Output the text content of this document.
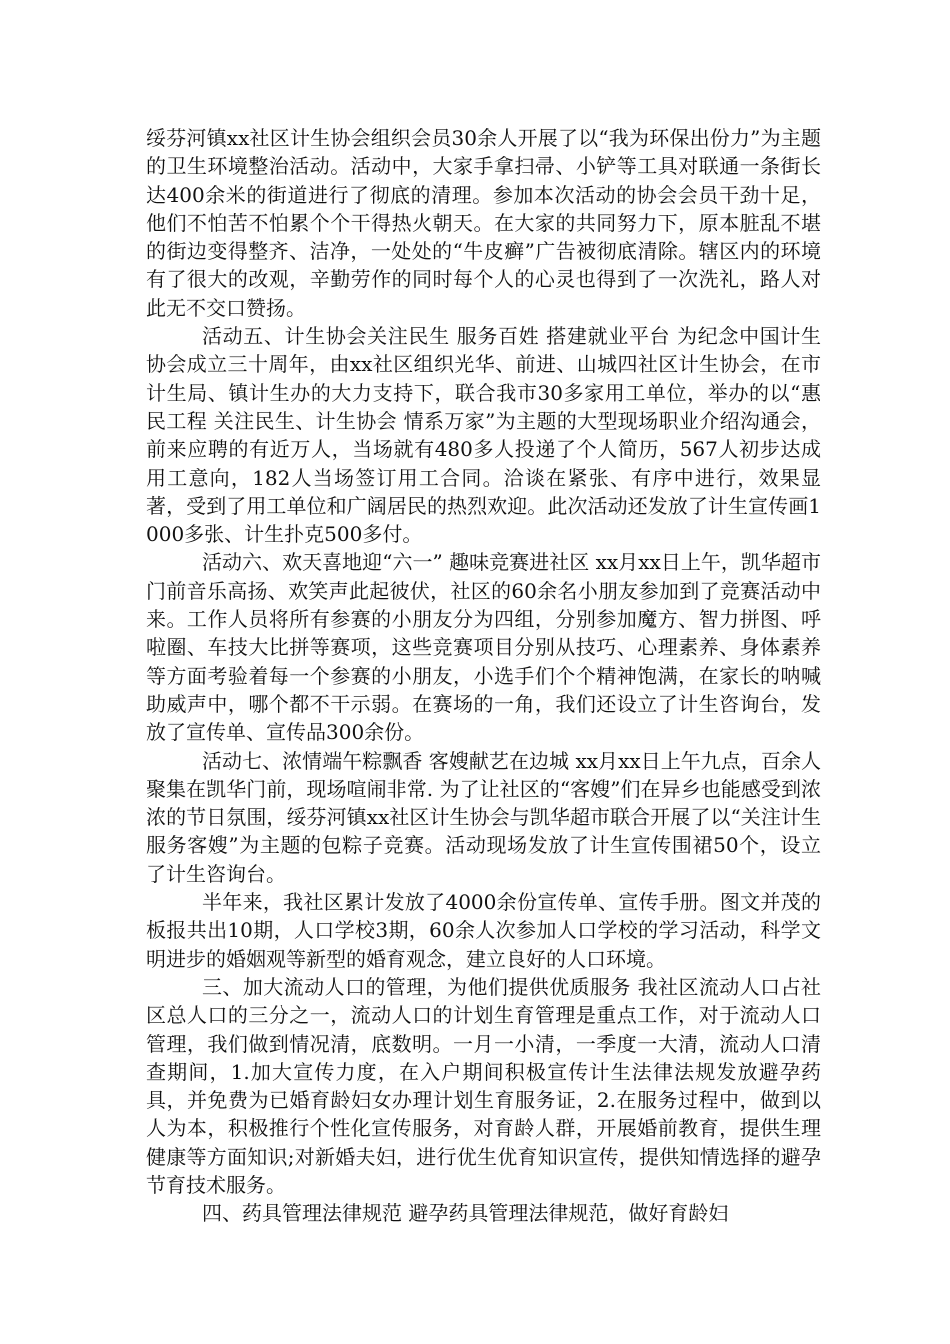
绥芬河镇xx社区计生协会组织会员30余人开展了以“我为环保出份力”为主题的卫生环境整治活动。活动中，大家手拿扫帚、小铲等工具对联通一条街长达400余米的街道进行了彻底的清理。参加本次活动的协会会员干劲十足，他们不怕苦不怕累个个干得热火朝天。在大家的共同努力下，原本脏乱不堪的街边变得整齐、洁净，一处处的“牛皮癣”广告被彻底清除。辖区内的环境有了很大的改观，辛勤劳作的同时每个人的心灵也得到了一次洗礼，路人对此无不交口赞扬。

活动五、计生协会关注民生 服务百姓 搭建就业平台 为纪念中国计生协会成立三十周年，由xx社区组织光华、前进、山城四社区计生协会，在市计生局、镇计生办的大力支持下，联合我市30多家用工单位，举办的以“惠民工程 关注民生、计生协会 情系万家”为主题的大型现场职业介绍沟通会，前来应聘的有近万人，当场就有480多人投递了个人简历，567人初步达成用工意向，182人当场签订用工合同。洽谈在紧张、有序中进行，效果显著，受到了用工单位和广阔居民的热烈欢迎。此次活动还发放了计生宣传画1000多张、计生扑克500多付。

活动六、欢天喜地迎“六一” 趣味竞赛进社区 xx月xx日上午，凯华超市门前音乐高扬、欢笑声此起彼伏，社区的60余名小朋友参加到了竞赛活动中来。工作人员将所有参赛的小朋友分为四组，分别参加魔方、智力拼图、呼啦圈、车技大比拼等赛项，这些竞赛项目分别从技巧、心理素养、身体素养等方面考验着每一个参赛的小朋友，小选手们个个精神饱满，在家长的呐喊助威声中，哪个都不干示弱。在赛场的一角，我们还设立了计生咨询台，发放了宣传单、宣传品300余份。

活动七、浓情端午粽飘香 客嫂献艺在边城 xx月xx日上午九点，百余人聚集在凯华门前，现场喧闹非常. 为了让社区的“客嫂”们在异乡也能感受到浓浓的节日氛围，绥芬河镇xx社区计生协会与凯华超市联合开展了以“关注计生 服务客嫂”为主题的包粽子竞赛。活动现场发放了计生宣传围裙50个，设立了计生咨询台。

半年来，我社区累计发放了4000余份宣传单、宣传手册。图文并茂的板报共出10期，人口学校3期，60余人次参加人口学校的学习活动，科学文明进步的婚姻观等新型的婚育观念，建立良好的人口环境。

三、加大流动人口的管理，为他们提供优质服务 我社区流动人口占社区总人口的三分之一，流动人口的计划生育管理是重点工作，对于流动人口管理，我们做到情况清，底数明。一月一小清，一季度一大清，流动人口清查期间，1.加大宣传力度，在入户期间积极宣传计生法律法规发放避孕药具，并免费为已婚育龄妇女办理计划生育服务证，2.在服务过程中，做到以人为本，积极推行个性化宣传服务，对育龄人群，开展婚前教育，提供生理健康等方面知识;对新婚夫妇，进行优生优育知识宣传，提供知情选择的避孕节育技术服务。

四、药具管理法律规范 避孕药具管理法律规范，做好育龄妇
